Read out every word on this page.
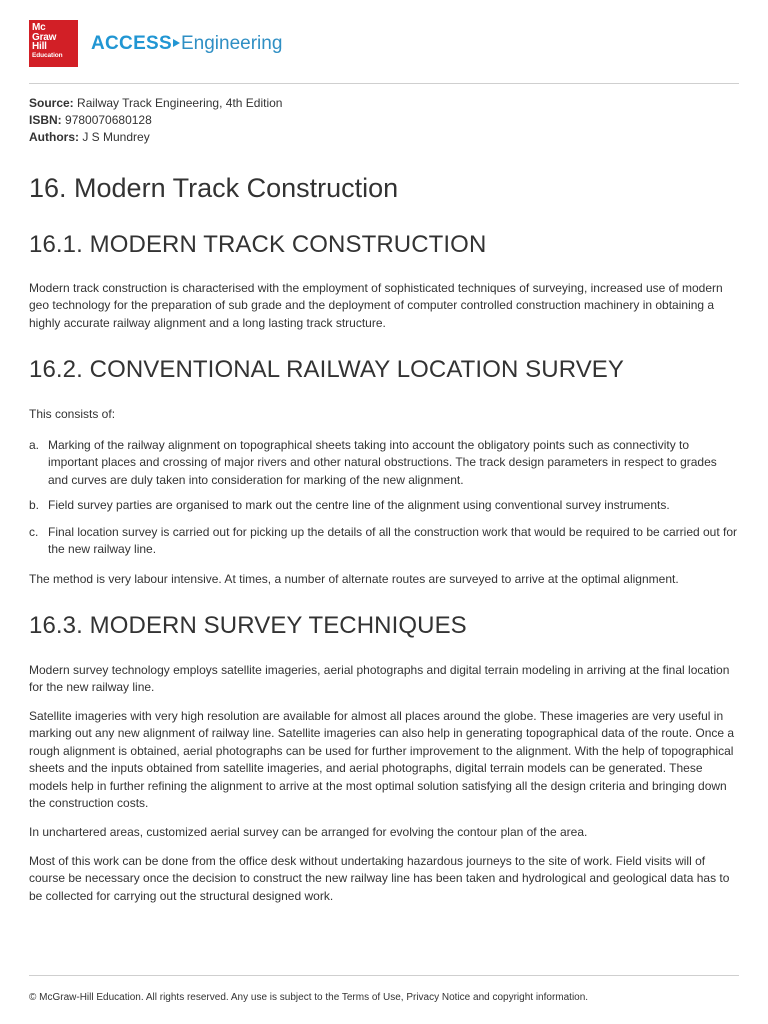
Mc
Graw
Hill
Education
ACCESS Engineering
Source: Railway Track Engineering, 4th Edition
ISBN: 9780070680128
Authors: J S Mundrey
16. Modern Track Construction
16.1. MODERN TRACK CONSTRUCTION

Modern track construction is characterised with the employment of sophisticated techniques of surveying, increased use of modern geo technology for the preparation of sub grade and the deployment of computer controlled construction machinery in obtaining a highly accurate railway alignment and a long lasting track structure.

16.2. CONVENTIONAL RAILWAY LOCATION SURVEY

This consists of:

a. Marking of the railway alignment on topographical sheets taking into account the obligatory points such as connectivity to important places and crossing of major rivers and other natural obstructions. The track design parameters in respect to grades and curves are duly taken into consideration for marking of the new alignment.
b. Field survey parties are organised to mark out the centre line of the alignment using conventional survey instruments.
c. Final location survey is carried out for picking up the details of all the construction work that would be required to be carried out for the new railway line.

The method is very labour intensive. At times, a number of alternate routes are surveyed to arrive at the optimal alignment.

16.3. MODERN SURVEY TECHNIQUES

Modern survey technology employs satellite imageries, aerial photographs and digital terrain modeling in arriving at the final location for the new railway line.

Satellite imageries with very high resolution are available for almost all places around the globe. These imageries are very useful in marking out any new alignment of railway line. Satellite imageries can also help in generating topographical data of the route. Once a rough alignment is obtained, aerial photographs can be used for further improvement to the alignment. With the help of topographical sheets and the inputs obtained from satellite imageries, and aerial photographs, digital terrain models can be generated. These models help in further refining the alignment to arrive at the most optimal solution satisfying all the design criteria and bringing down the construction costs.

In unchartered areas, customized aerial survey can be arranged for evolving the contour plan of the area.

Most of this work can be done from the office desk without undertaking hazardous journeys to the site of work. Field visits will of course be necessary once the decision to construct the new railway line has been taken and hydrological and geological data has to be collected for carrying out the structural designed work.

© McGraw-Hill Education. All rights reserved. Any use is subject to the Terms of Use, Privacy Notice and copyright information.
